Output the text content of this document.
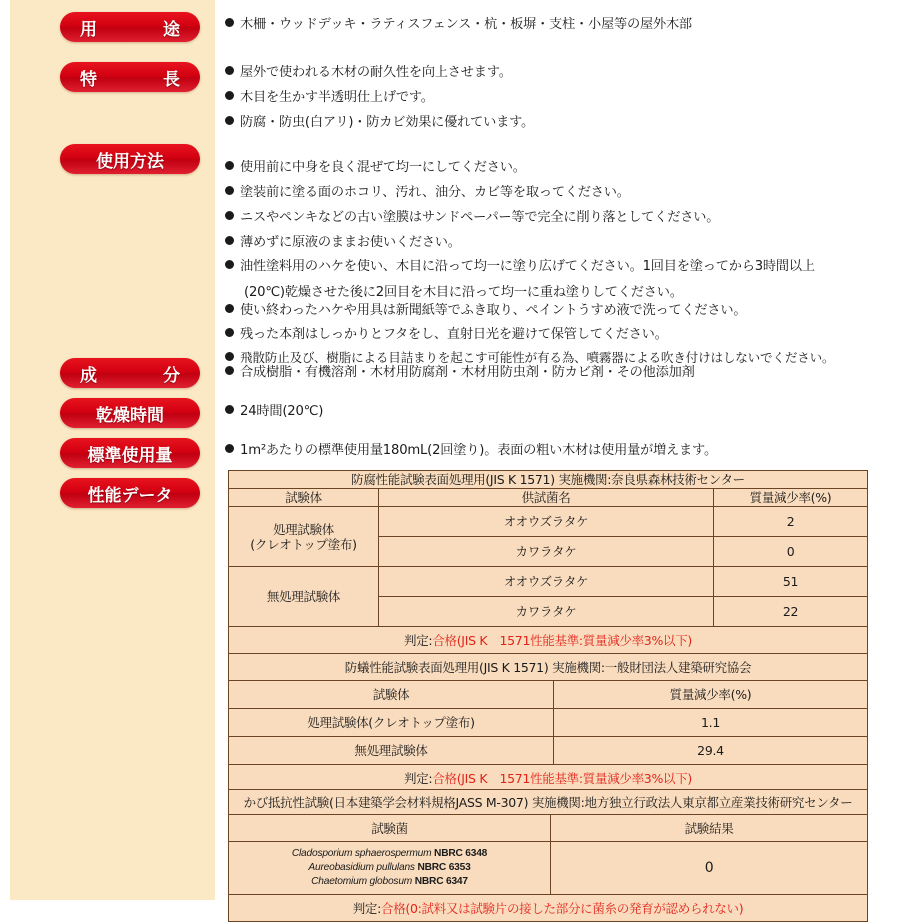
用	途
特	長
使用方法
成	分
乾燥時間
標準使用量
性能データ
木柵・ウッドデッキ・ラティスフェンス・杭・板塀・支柱・小屋等の屋外木部
屋外で使われる木材の耐久性を向上させます。
木目を生かす半透明仕上げです。
防腐・防虫(白アリ)・防カビ効果に優れています。
使用前に中身を良く混ぜて均一にしてください。
塗装前に塗る面のホコリ、汚れ、油分、カビ等を取ってください。
ニスやペンキなどの古い塗膜はサンドペーパー等で完全に削り落としてください。
薄めずに原液のままお使いください。
油性塗料用のハケを使い、木目に沿って均一に塗り広げてください。1回目を塗ってから3時間以上
(20℃)乾燥させた後に2回目を木目に沿って均一に重ね塗りしてください。
使い終わったハケや用具は新聞紙等でふき取り、ペイントうすめ液で洗ってください。
残った本剤はしっかりとフタをし、直射日光を避けて保管してください。
飛散防止及び、樹脂による目詰まりを起こす可能性が有る為、噴霧器による吹き付けはしないでください。
合成樹脂・有機溶剤・木材用防腐剤・木材用防虫剤・防カビ剤・その他添加剤
24時間(20℃)
1m²あたりの標準使用量180mL(2回塗り)。表面の粗い木材は使用量が増えます。
防腐性能試験表面処理用(JIS K 1571) 実施機関:奈良県森林技術センター		
試験体	供試菌名	質量減少率(%)

処理試験体
(クレオトップ塗布)	オオウズラタケ	2
	カワラタケ	0
無処理試験体	オオウズラタケ	51
	カワラタケ	22
判定:合格(JIS K　1571性能基準:質量減少率3%以下)		
防蟻性能試験表面処理用(JIS K 1571) 実施機関:一般財団法人建築研究協会	
試験体	質量減少率(%)
処理試験体(クレオトップ塗布)	1.1
無処理試験体	29.4
判定:合格(JIS K　1571性能基準:質量減少率3%以下)	
かび抵抗性試験(日本建築学会材料規格JASS M-307) 実施機関:地方独立行政法人東京都立産業技術研究センター	
試験菌	試験結果

Cladosporium sphaerospermum NBRC 6348
Aureobasidium pullulans NBRC 6353
Chaetomium globosum NBRC 6347	0
判定:合格(0:試料又は試験片の接した部分に菌糸の発育が認められない)	
